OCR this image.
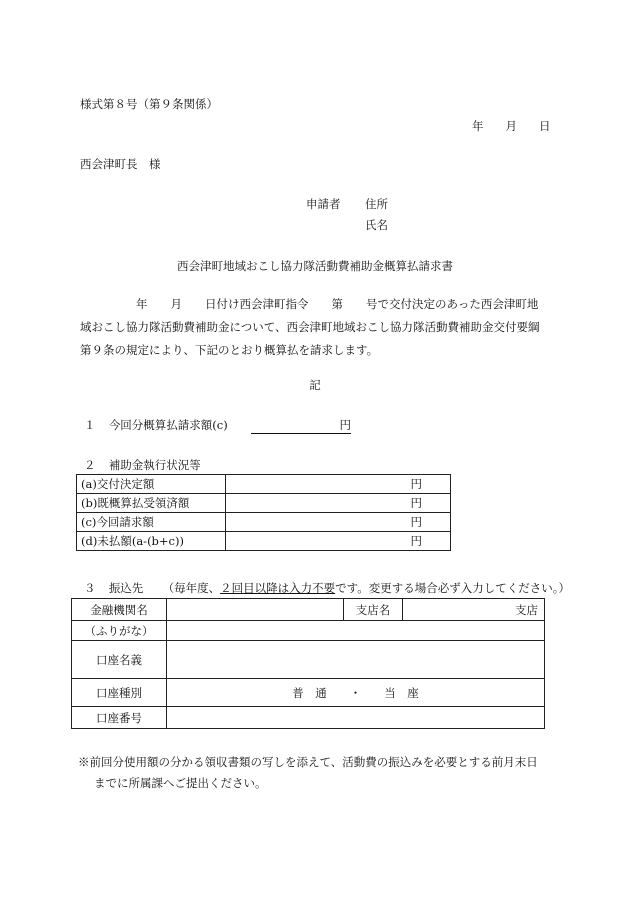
様式第８号（第９条関係）
年 月 日
西会津町長　様
申請者 住所
氏名
西会津町地域おこし協力隊活動費補助金概算払請求書
年　　月　　日付け西会津町指令　　第　　号で交付決定のあった西会津町地
域おこし協力隊活動費補助金について、西会津町地域おこし協力隊活動費補助金交付要綱
第９条の規定により、下記のとおり概算払を請求します。
記
１ 今回分概算払請求額(c)	円
２ 補助金執行状況等
(a)交付決定額	円
(b)既概算払受領済額	円
(c)今回請求額	円
(d)未払額(a-(b+c))	円
３ 振込先 （毎年度、２回目以降は入力不要です。変更する場合必ず入力してください。）
金融機関名		支店名	支店
（ふりがな）			
口座名義			
口座種別	普　通　　・　　当　座		
口座番号			
※前回分使用額の分かる領収書類の写しを添えて、活動費の振込みを必要とする前月末日
までに所属課へご提出ください。
